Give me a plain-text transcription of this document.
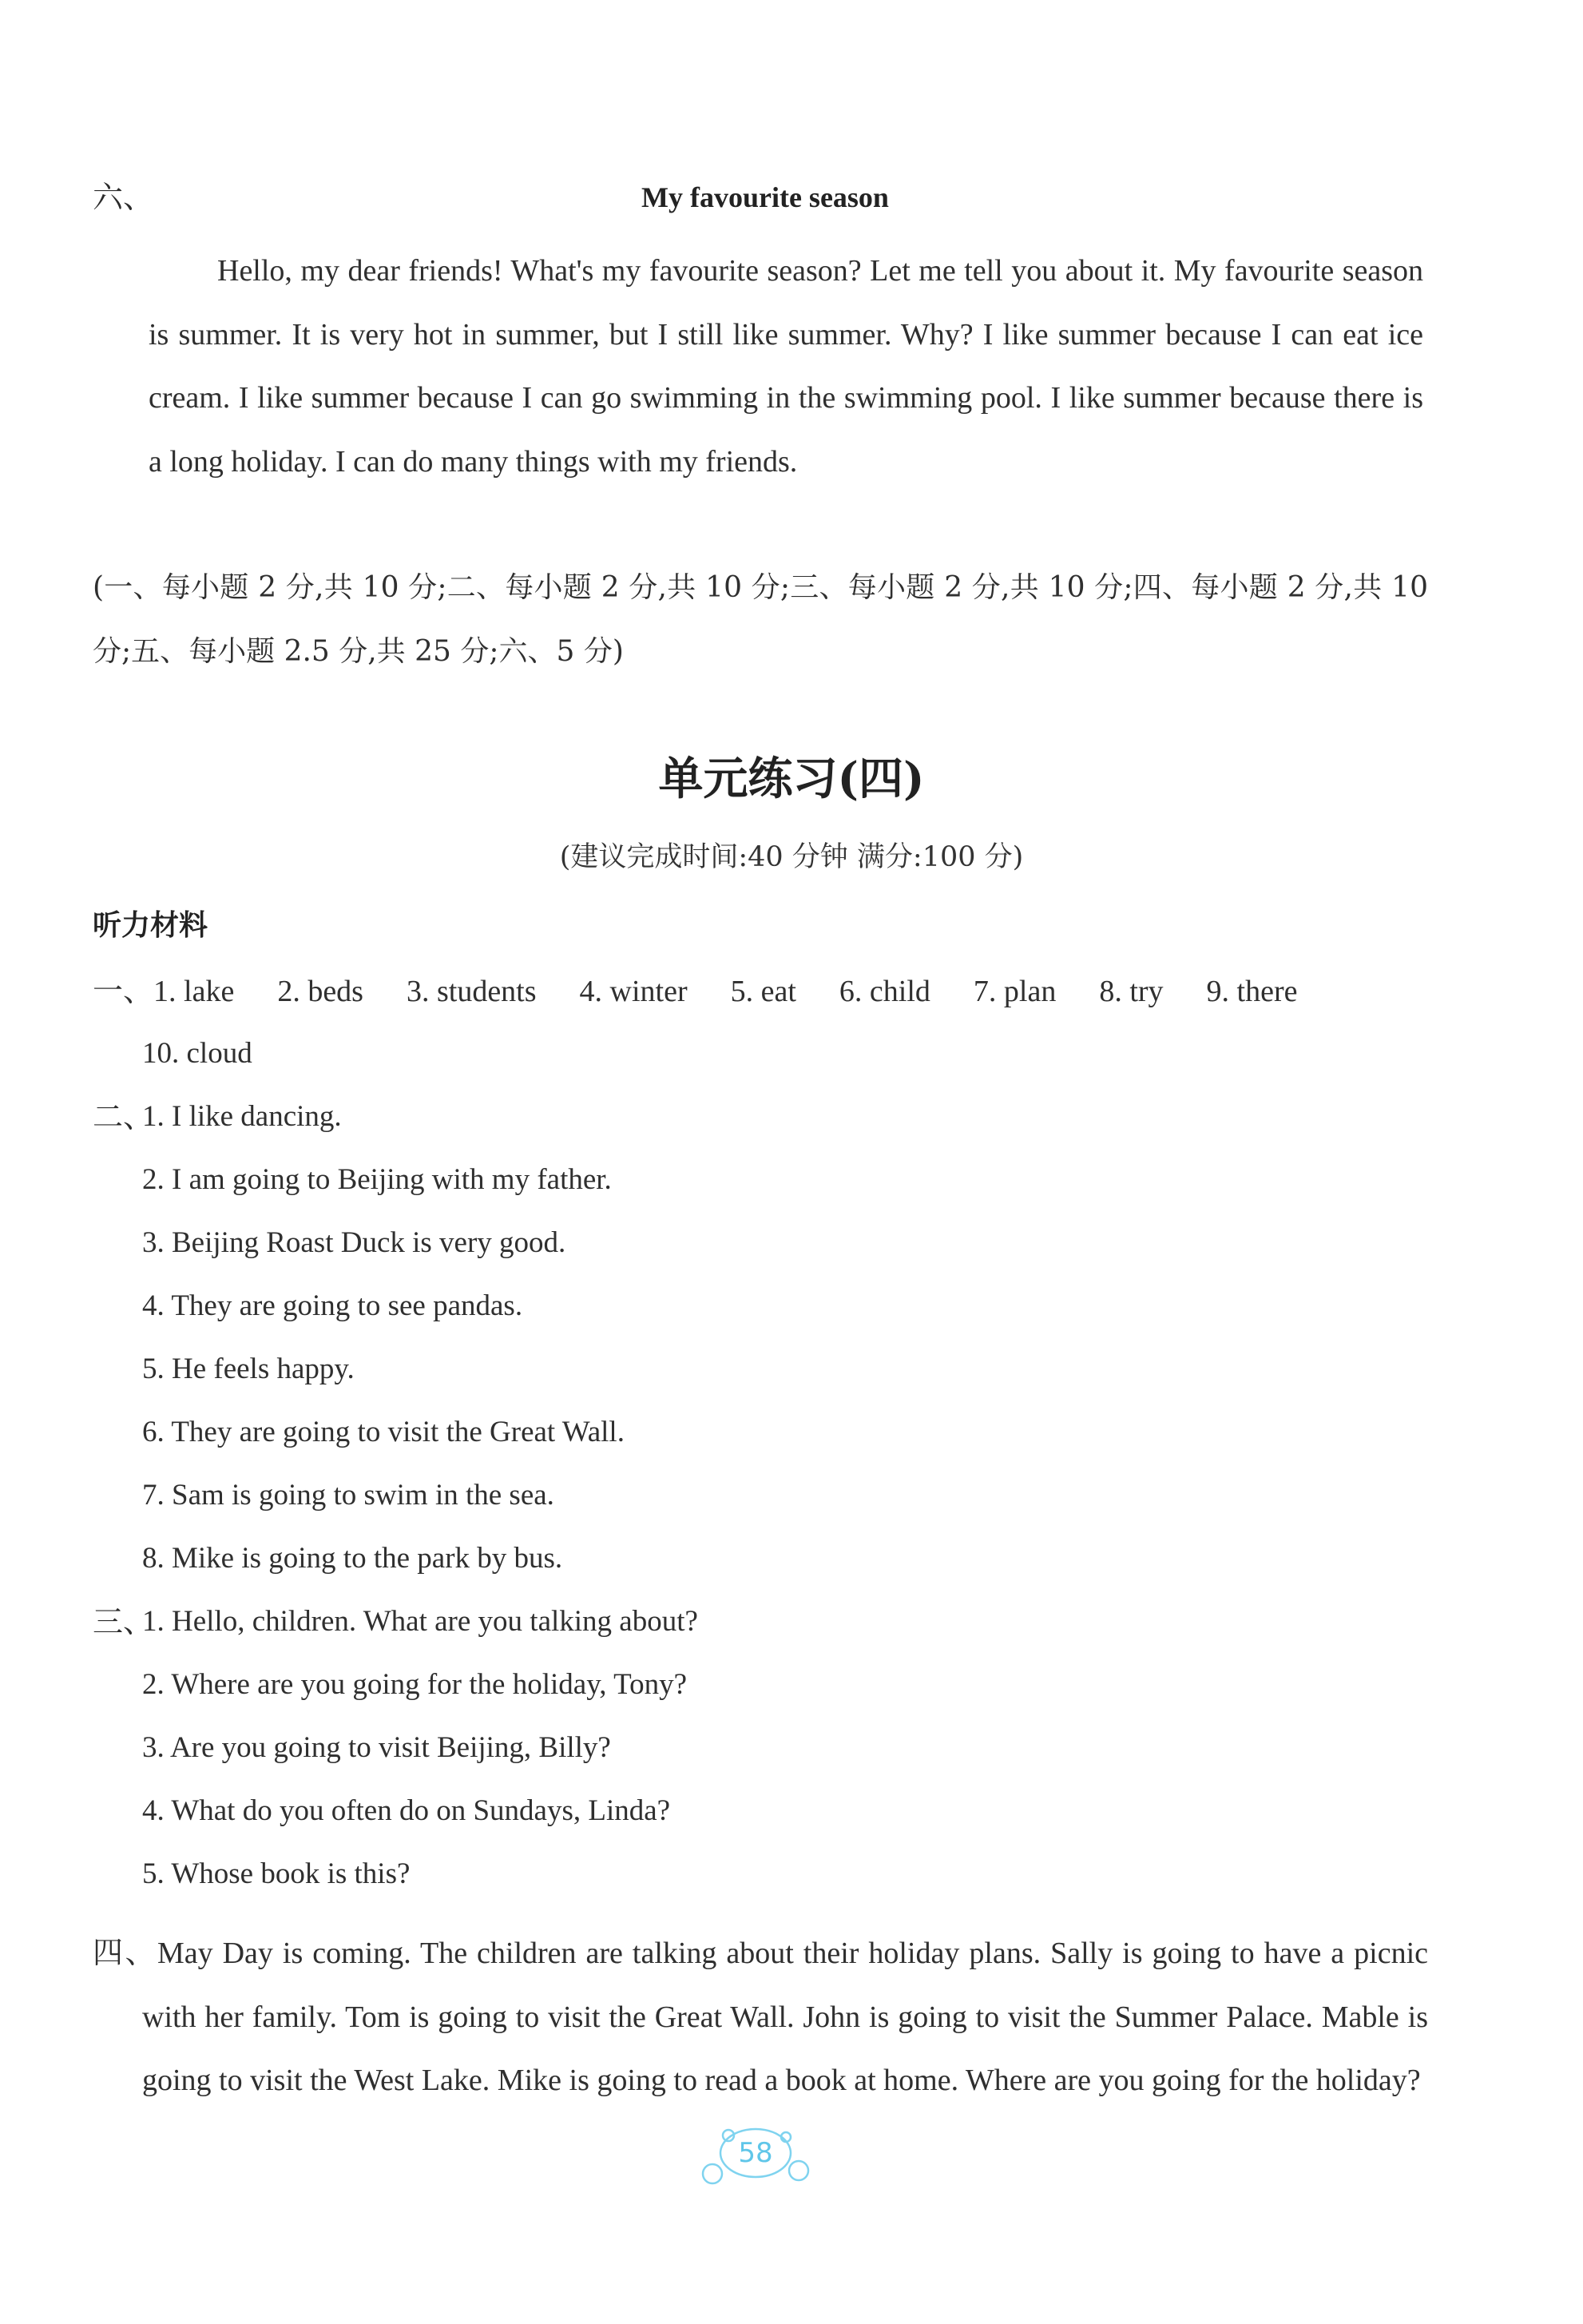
六、	My favourite season
Hello, my dear friends! What's my favourite season? Let me tell you about it. My favourite season is summer. It is very hot in summer, but I still like summer. Why? I like summer because I can eat ice cream. I like summer because I can go swimming in the swimming pool. I like summer because there is a long holiday. I can do many things with my friends.
(一、每小题 2 分,共 10 分;二、每小题 2 分,共 10 分;三、每小题 2 分,共 10 分;四、每小题 2 分,共 10 分;五、每小题 2.5 分,共 25 分;六、5 分)
单元练习(四)
(建议完成时间:40 分钟 满分:100 分)
听力材料
一、1. lake 2. beds 3. students 4. winter 5. eat 6. child 7. plan 8. try 9. there
10. cloud
二、
1. I like dancing.
2. I am going to Beijing with my father.
3. Beijing Roast Duck is very good.
4. They are going to see pandas.
5. He feels happy.
6. They are going to visit the Great Wall.
7. Sam is going to swim in the sea.
8. Mike is going to the park by bus.
三、
1. Hello, children. What are you talking about?
2. Where are you going for the holiday, Tony?
3. Are you going to visit Beijing, Billy?
4. What do you often do on Sundays, Linda?
5. Whose book is this?
四、May Day is coming. The children are talking about their holiday plans. Sally is going to have a picnic with her family. Tom is going to visit the Great Wall. John is going to visit the Summer Palace. Mable is going to visit the West Lake. Mike is going to read a book at home. Where are you going for the holiday?
58
